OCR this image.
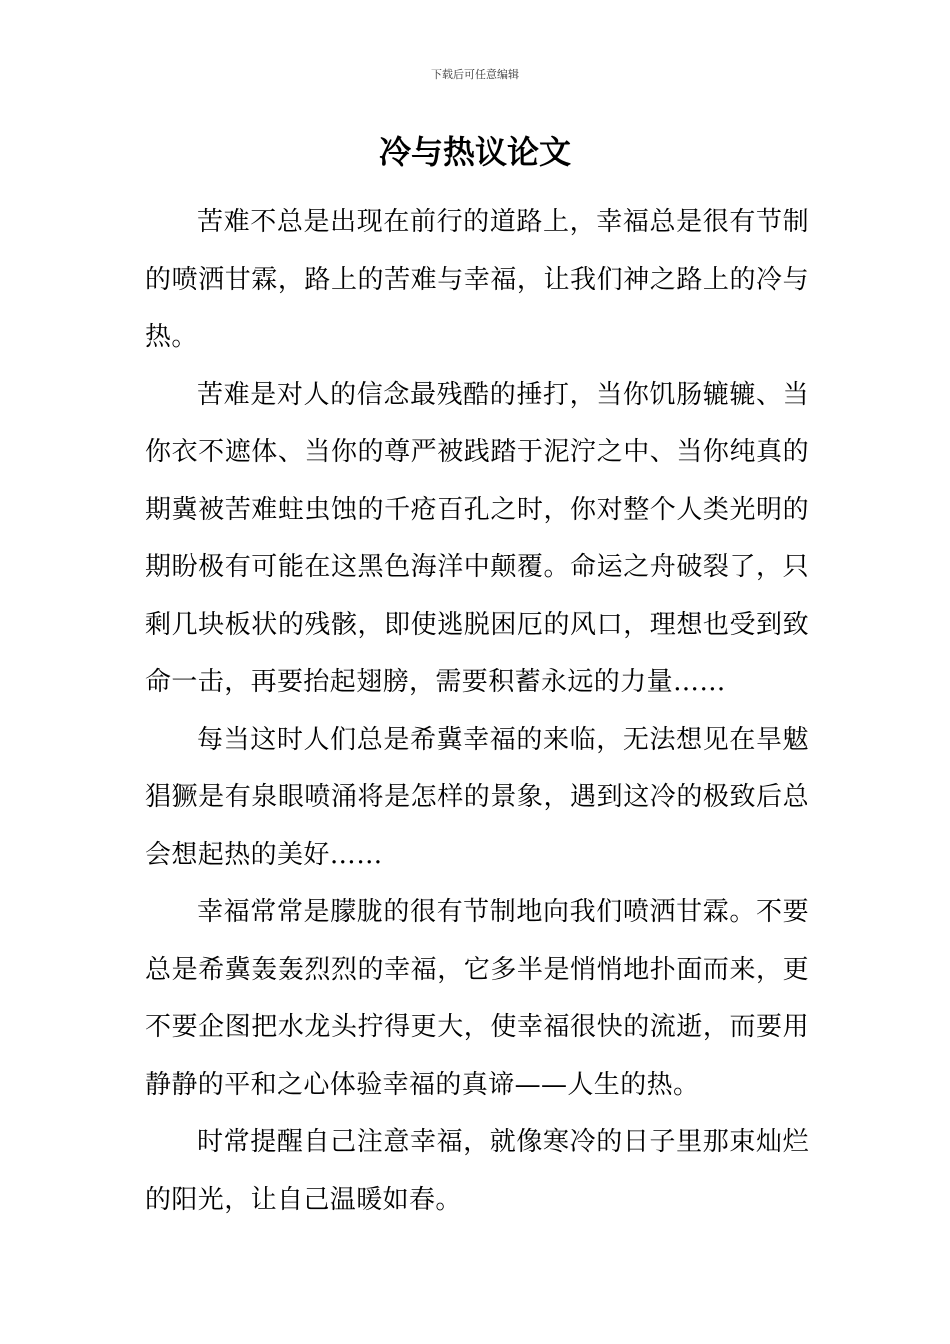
下载后可任意编辑
冷与热议论文

苦难不总是出现在前行的道路上，幸福总是很有节制的喷洒甘霖，路上的苦难与幸福，让我们神之路上的冷与热。

苦难是对人的信念最残酷的捶打，当你饥肠辘辘、当你衣不遮体、当你的尊严被践踏于泥泞之中、当你纯真的期冀被苦难蛀虫蚀的千疮百孔之时，你对整个人类光明的期盼极有可能在这黑色海洋中颠覆。命运之舟破裂了，只剩几块板状的残骸，即使逃脱困厄的风口，理想也受到致命一击，再要抬起翅膀，需要积蓄永远的力量……

每当这时人们总是希冀幸福的来临，无法想见在旱魃猖獗是有泉眼喷涌将是怎样的景象，遇到这冷的极致后总会想起热的美好……

幸福常常是朦胧的很有节制地向我们喷洒甘霖。不要总是希冀轰轰烈烈的幸福，它多半是悄悄地扑面而来，更不要企图把水龙头拧得更大，使幸福很快的流逝，而要用静静的平和之心体验幸福的真谛——人生的热。

时常提醒自己注意幸福，就像寒冷的日子里那束灿烂的阳光，让自己温暖如春。
